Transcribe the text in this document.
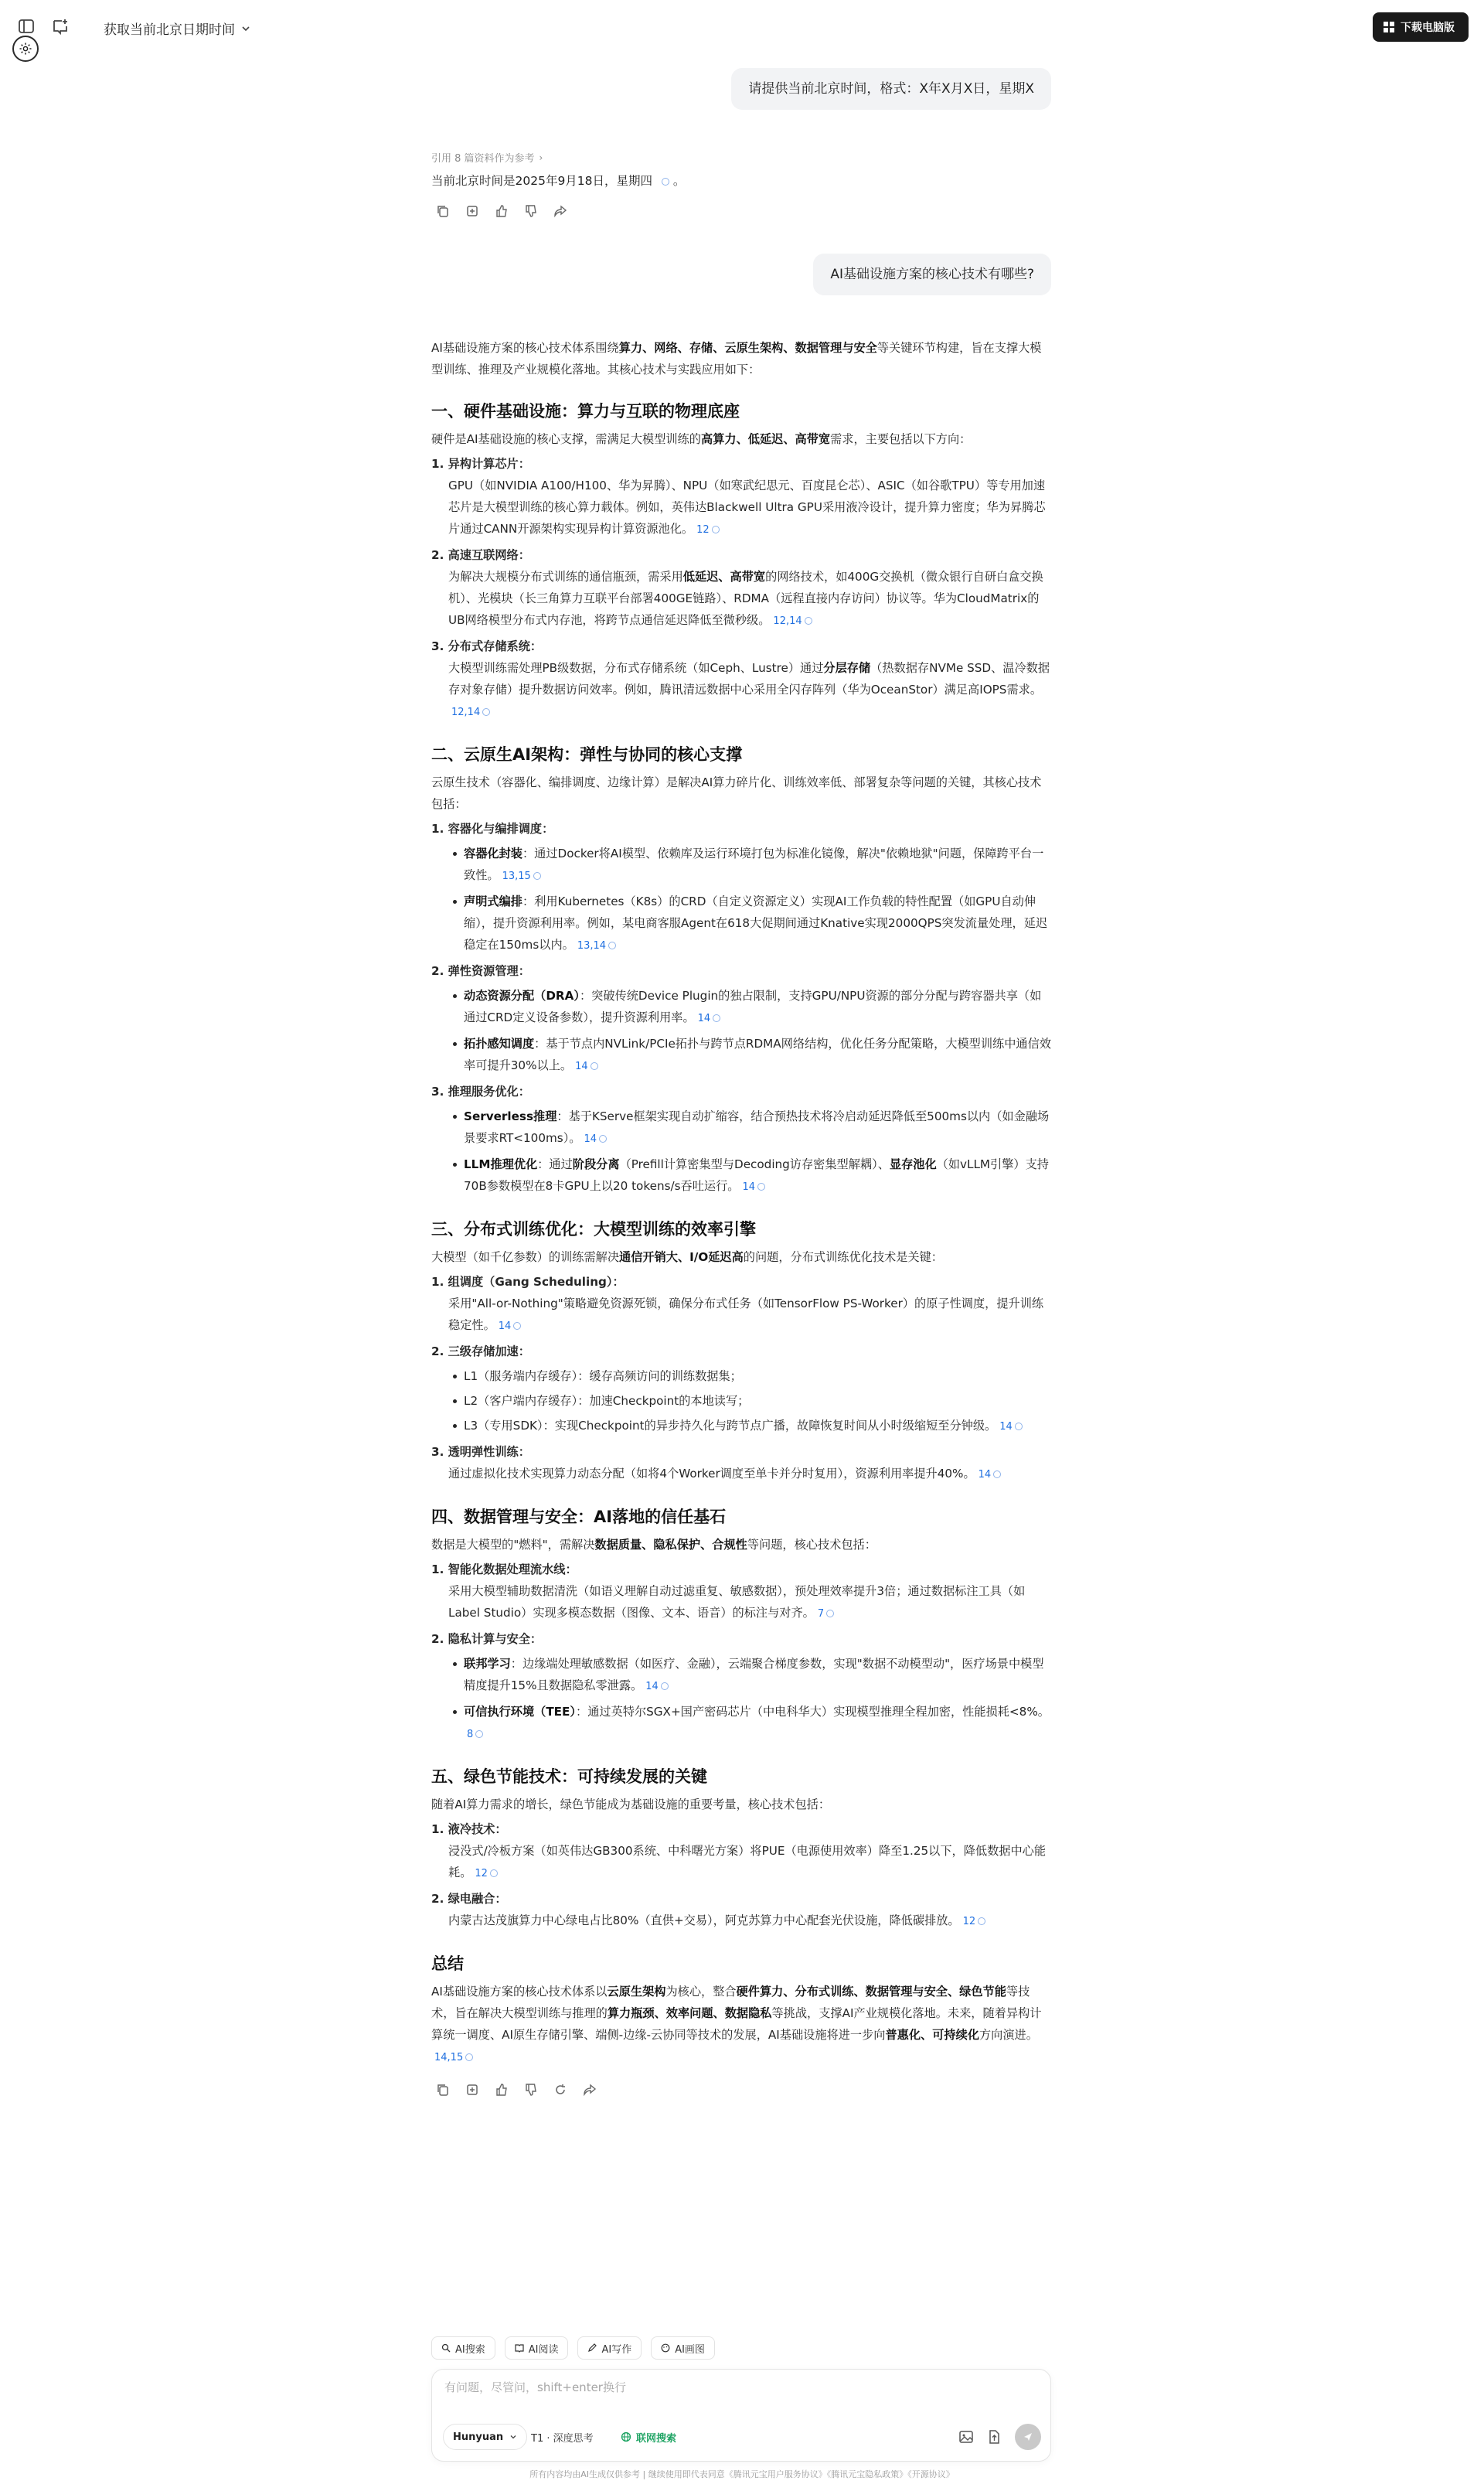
获取当前北京日期时间	下载电脑版
请提供当前北京时间，格式：X年X月X日，星期X
引用 8 篇资料作为参考 ›
当前北京时间是2025年9月18日，星期四  。
AI基础设施方案的核心技术有哪些?

AI基础设施方案的核心技术体系围绕算力、网络、存储、云原生架构、数据管理与安全等关键环节构建，旨在支撑大模型训练、推理及产业规模化落地。其核心技术与实践应用如下：

一、硬件基础设施：算力与互联的物理底座

硬件是AI基础设施的核心支撑，需满足大模型训练的高算力、低延迟、高带宽需求，主要包括以下方向：

1. 异构计算芯片：

GPU（如NVIDIA A100/H100、华为昇腾）、NPU（如寒武纪思元、百度昆仑芯）、ASIC（如谷歌TPU）等专用加速芯片是大模型训练的核心算力载体。例如，英伟达Blackwell Ultra GPU采用液冷设计，提升算力密度；华为昇腾芯片通过CANN开源架构实现异构计算资源池化。 12

2. 高速互联网络：

为解决大规模分布式训练的通信瓶颈，需采用低延迟、高带宽的网络技术，如400G交换机（微众银行自研白盒交换机）、光模块（长三角算力互联平台部署400GE链路）、RDMA（远程直接内存访问）协议等。华为CloudMatrix的UB网络模型分布式内存池，将跨节点通信延迟降低至微秒级。 12,14

3. 分布式存储系统：

大模型训练需处理PB级数据，分布式存储系统（如Ceph、Lustre）通过分层存储（热数据存NVMe SSD、温冷数据存对象存储）提升数据访问效率。例如，腾讯清远数据中心采用全闪存阵列（华为OceanStor）满足高IOPS需求。12,14

二、云原生AI架构：弹性与协同的核心支撑

云原生技术（容器化、编排调度、边缘计算）是解决AI算力碎片化、训练效率低、部署复杂等问题的关键，其核心技术包括：

1. 容器化与编排调度：

容器化封装：通过Docker将AI模型、依赖库及运行环境打包为标准化镜像，解决"依赖地狱"问题，保障跨平台一致性。 13,15
声明式编排：利用Kubernetes（K8s）的CRD（自定义资源定义）实现AI工作负载的特性配置（如GPU自动伸缩），提升资源利用率。例如，某电商客服Agent在618大促期间通过Knative实现2000QPS突发流量处理，延迟稳定在150ms以内。 13,14

2. 弹性资源管理：

动态资源分配（DRA）：突破传统Device Plugin的独占限制，支持GPU/NPU资源的部分分配与跨容器共享（如通过CRD定义设备参数），提升资源利用率。 14
拓扑感知调度：基于节点内NVLink/PCIe拓扑与跨节点RDMA网络结构，优化任务分配策略，大模型训练中通信效率可提升30%以上。 14

3. 推理服务优化：

Serverless推理：基于KServe框架实现自动扩缩容，结合预热技术将冷启动延迟降低至500ms以内（如金融场景要求RT<100ms）。 14
LLM推理优化：通过阶段分离（Prefill计算密集型与Decoding访存密集型解耦）、显存池化（如vLLM引擎）支持70B参数模型在8卡GPU上以20 tokens/s吞吐运行。 14
三、分布式训练优化：大模型训练的效率引擎

大模型（如千亿参数）的训练需解决通信开销大、I/O延迟高的问题，分布式训练优化技术是关键：

1. 组调度（Gang Scheduling）：

采用"All-or-Nothing"策略避免资源死锁，确保分布式任务（如TensorFlow PS-Worker）的原子性调度，提升训练稳定性。 14

2. 三级存储加速：

L1（服务端内存缓存）：缓存高频访问的训练数据集；
L2（客户端内存缓存）：加速Checkpoint的本地读写；
L3（专用SDK）：实现Checkpoint的异步持久化与跨节点广播，故障恢复时间从小时级缩短至分钟级。 14

3. 透明弹性训练：

通过虚拟化技术实现算力动态分配（如将4个Worker调度至单卡并分时复用），资源利用率提升40%。 14

四、数据管理与安全：AI落地的信任基石

数据是大模型的"燃料"，需解决数据质量、隐私保护、合规性等问题，核心技术包括：

1. 智能化数据处理流水线：

采用大模型辅助数据清洗（如语义理解自动过滤重复、敏感数据），预处理效率提升3倍；通过数据标注工具（如Label Studio）实现多模态数据（图像、文本、语音）的标注与对齐。 7

2. 隐私计算与安全：

联邦学习：边缘端处理敏感数据（如医疗、金融），云端聚合梯度参数，实现"数据不动模型动"，医疗场景中模型精度提升15%且数据隐私零泄露。 14
可信执行环境（TEE）：通过英特尔SGX+国产密码芯片（中电科华大）实现模型推理全程加密，性能损耗<8%。8
五、绿色节能技术：可持续发展的关键

随着AI算力需求的增长，绿色节能成为基础设施的重要考量，核心技术包括：

1. 液冷技术：

浸没式/冷板方案（如英伟达GB300系统、中科曙光方案）将PUE（电源使用效率）降至1.25以下，降低数据中心能耗。 12

2. 绿电融合：

内蒙古达茂旗算力中心绿电占比80%（直供+交易），阿克苏算力中心配套光伏设施，降低碳排放。 12

总结

AI基础设施方案的核心技术体系以云原生架构为核心，整合硬件算力、分布式训练、数据管理与安全、绿色节能等技术，旨在解决大模型训练与推理的算力瓶颈、效率问题、数据隐私等挑战，支撑AI产业规模化落地。未来，随着异构计算统一调度、AI原生存储引擎、端侧-边缘-云协同等技术的发展，AI基础设施将进一步向普惠化、可持续化方向演进。14,15

AI搜索	AI阅读	AI写作	AI画图
有问题，尽管问，shift+enter换行
Hunyuan	T1 · 深度思考	联网搜索
所有内容均由AI生成仅供参考 | 继续使用即代表同意《腾讯元宝用户服务协议》《腾讯元宝隐私政策》《开源协议》
